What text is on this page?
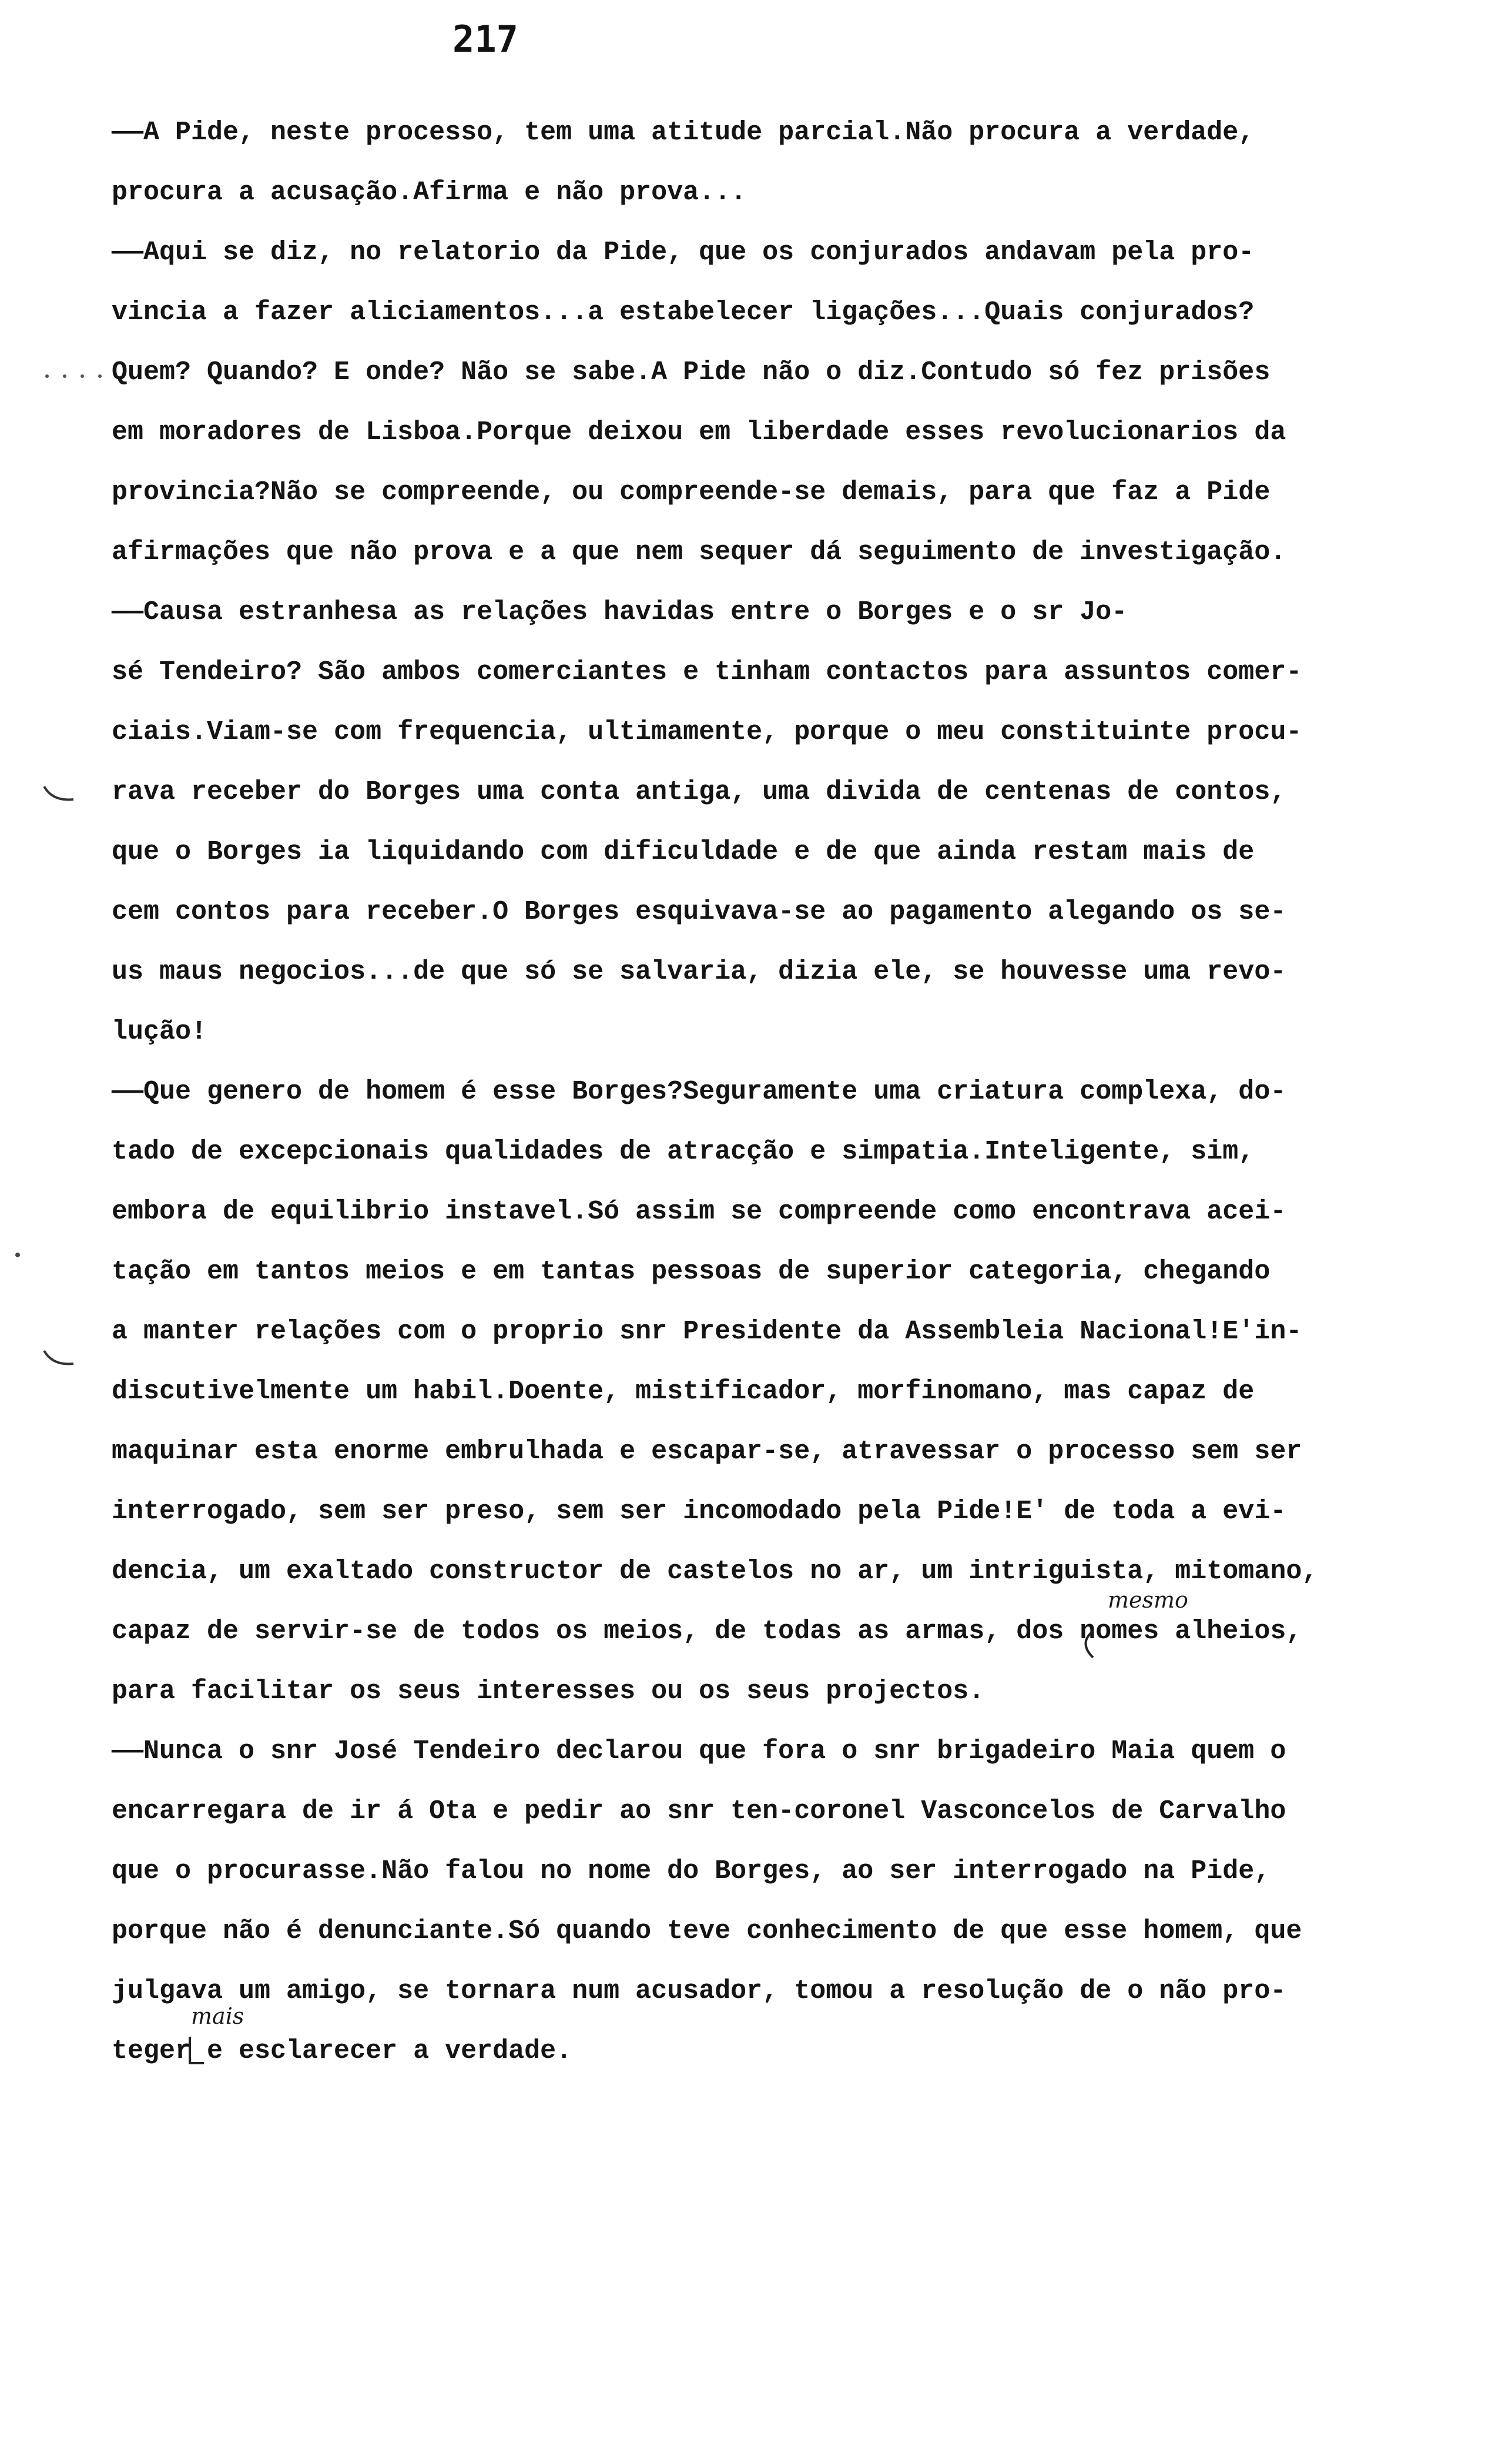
217
——A Pide, neste processo, tem uma atitude parcial.Não procura a verdade,
procura a acusação.Afirma e não prova...
——Aqui se diz, no relatorio da Pide, que os conjurados andavam pela pro-
vincia a fazer aliciamentos...a estabelecer ligações...Quais conjurados?
Quem? Quando? E onde? Não se sabe.A Pide não o diz.Contudo só fez prisões
em moradores de Lisboa.Porque deixou em liberdade esses revolucionarios da
provincia?Não se compreende, ou compreende-se demais, para que faz a Pide
afirmações que não prova e a que nem sequer dá seguimento de investigação.
——Causa estranhesa as relações havidas entre o Borges e o sr Jo-
sé Tendeiro? São ambos comerciantes e tinham contactos para assuntos comer-
ciais.Viam-se com frequencia, ultimamente, porque o meu constituinte procu-
rava receber do Borges uma conta antiga, uma divida de centenas de contos,
que o Borges ia liquidando com dificuldade e de que ainda restam mais de
cem contos para receber.O Borges esquivava-se ao pagamento alegando os se-
us maus negocios...de que só se salvaria, dizia ele, se houvesse uma revo-
lução!
——Que genero de homem é esse Borges?Seguramente uma criatura complexa, do-
tado de excepcionais qualidades de atracção e simpatia.Inteligente, sim,
embora de equilibrio instavel.Só assim se compreende como encontrava acei-
tação em tantos meios e em tantas pessoas de superior categoria, chegando
a manter relações com o proprio snr Presidente da Assembleia Nacional!E'in-
discutivelmente um habil.Doente, mistificador, morfinomano, mas capaz de
maquinar esta enorme embrulhada e escapar-se, atravessar o processo sem ser
interrogado, sem ser preso, sem ser incomodado pela Pide!E' de toda a evi-
dencia, um exaltado constructor de castelos no ar, um intriguista, mitomano,
capaz de servir-se de todos os meios, de todas as armas, dos nomes alheios,
para facilitar os seus interesses ou os seus projectos.
——Nunca o snr José Tendeiro declarou que fora o snr brigadeiro Maia quem o
encarregara de ir á Ota e pedir ao snr ten-coronel Vasconcelos de Carvalho
que o procurasse.Não falou no nome do Borges, ao ser interrogado na Pide,
porque não é denunciante.Só quando teve conhecimento de que esse homem, que
julgava um amigo, se tornara num acusador, tomou a resolução de o não pro-
teger e esclarecer a verdade.
mesmo
mais
